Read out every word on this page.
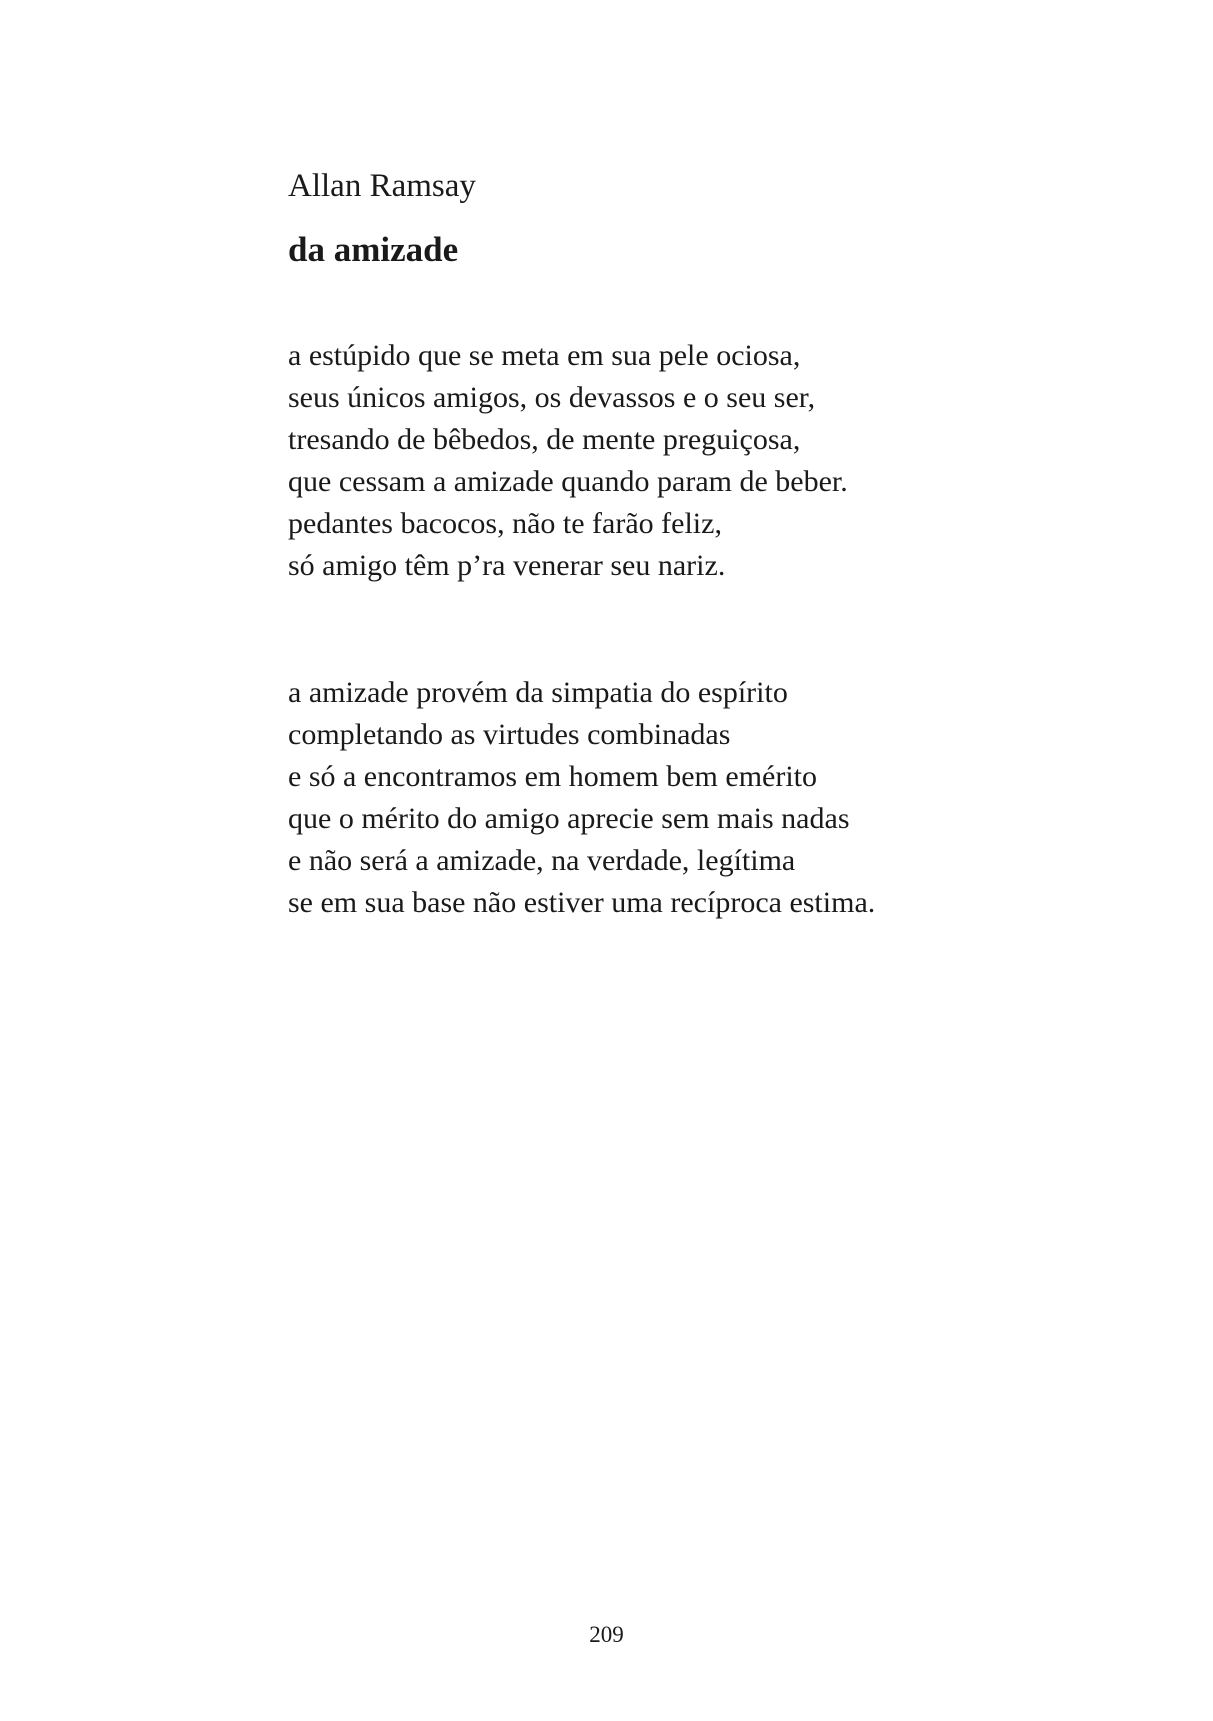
Allan Ramsay
da amizade
a estúpido que se meta em sua pele ociosa,
seus únicos amigos, os devassos e o seu ser,
tresando de bêbedos, de mente preguiçosa,
que cessam a amizade quando param de beber.
pedantes bacocos, não te farão feliz,
só amigo têm p’ra venerar seu nariz.
a amizade provém da simpatia do espírito
completando as virtudes combinadas
e só a encontramos em homem bem emérito
que o mérito do amigo aprecie sem mais nadas
e não será a amizade, na verdade, legítima
se em sua base não estiver uma recíproca estima.
209
